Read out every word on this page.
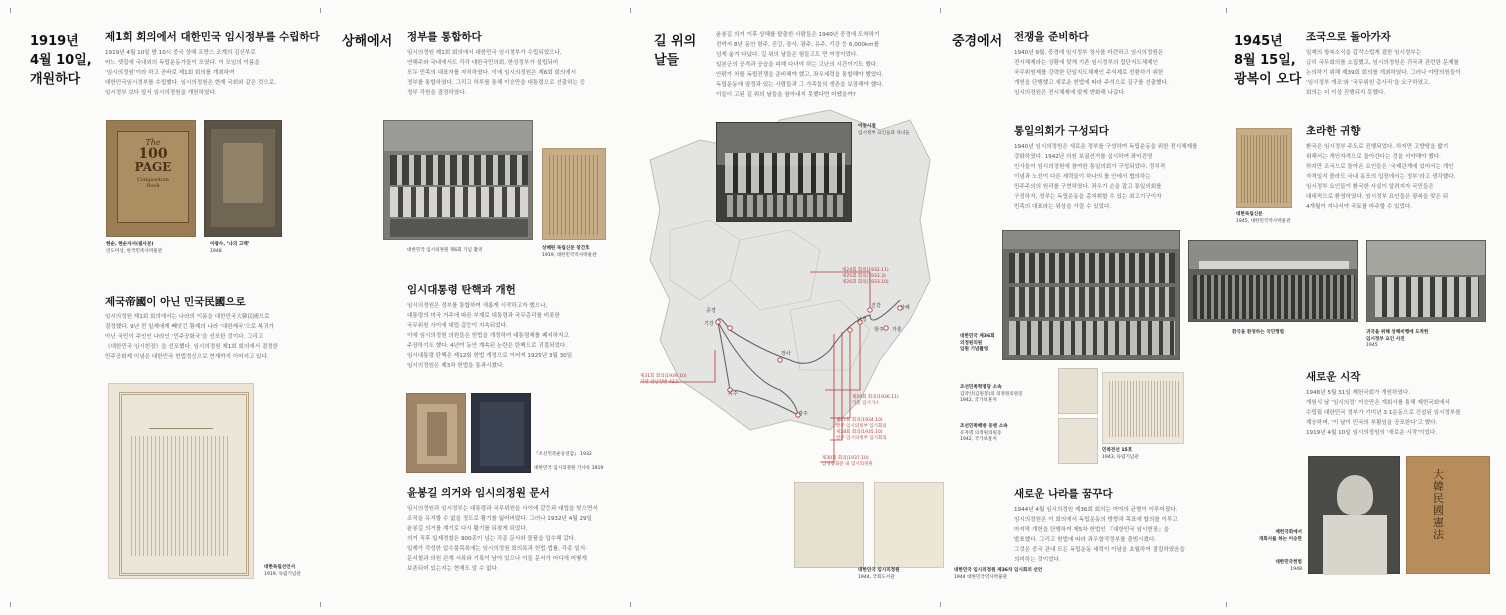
1919년
4월 10일,
개원하다
제1회 회의에서 대한민국 임시정부를 수립하다

1919년 4월 10일 밤 10시 중국 상해 프랑스 조계의 김신부로
어느 셋집에 국내외의 독립운동가들이 모였다. 이 모임의 이름을
‘임시의정원’이라 하고 곧바로 제1회 회의를 개최하여
대한민국임시정부를 수립했다. 임시의정원은 현재 국회와 같은 것으로,
임시정부 보다 앞서 임시의정원을 개원하였다.

The
100
PAGE
Composition
Book
현순, 현순자서(필사본)
연도미상, 한국민족사박물관
이광수, ‘나의 고백’
1948
제국帝國이 아닌 민국民國으로

임시의정원 제1회 회의에서는 나라의 이름을 대한민국大韓民國으로
결정했다. 9년 전 일제에게 빼앗긴 황제의 나라 ‘대한제국’으로 복귀가
아닌 국민이 주인인 나라인 ‘민주공화국’을 선포한 것이다. 그리고
《대한민국 임시헌장》을 선포했다. 임시의정원 제1회 회의에서 결정한
민주공화제 이념은 대한민국 헌법정신으로 현재까지 이어지고 있다.

대한독립선언서
1919, 독립기념관
상해에서 정부를 통합하다

임시의정원 제1회 회의에서 대한민국 임시정부가 수립되었으나,
연해주와 국내에서도 각각 대한국민의회, 한성정부가 설립되어
모두 민족의 대표자를 자처하였다. 이에 임시의정원은 제6회 회의에서
정부를 통합하였다. 그리고 하루를 통해 이승만을 대통령으로 선출하는 등
정부 각원을 결정하였다.

대한민국 임시의정원 제6회 기념 촬영	상해판 독립신문 창간호
1919, 대한민국역사박물관
임시대통령 탄핵과 개헌

임시의정원은 정부를 통합하여 새롭게 시작하고자 했으나,
대통령의 미국 거주에 따른 부재로 대통령과 국무총리를 비롯한
국무위원 사이에 대립·갈등이 지속되었다.
이에 임시의정원 의원들은 헌법을 개정하여 대통령제를 폐지하자고
주장하기도 했다. 4년여 동안 계속된 논란은 탄핵으로 귀결되었다.
임시대통령 탄핵은 제12회 헌법 개정으로 이어져 1925년 3월 30일
임시의정원은 제3차 헌법을 통과시켰다.

『조선민족운동연감』 1932
대한민국 임시의정원 기사록 1919
윤봉길 의거와 임시의정원 문서

임시의정원과 임시정부는 대통령과 국무위원들 사이에 갈등과 대립을 빚으면서
조직을 유지할 수 없을 정도로 활기를 잃어버렸다. 그러나 1932년 4월 29일
윤봉길 의거를 계기로 다시 활기를 되찾게 되었다.
의거 직후 일제경찰은 900종이 넘는 각종 문서와 물품을 압수해 갔다.
일제가 작성한 압수물목록에는 임시의정원 회의록과 헌법·법률, 각종 일지·
문서철과 의원 관계 서류와 기록이 남아 있으나 이들 문서가 어디에 어떻게
보존되어 있는지는 현재도 알 수 없다.

길 위의
날들

윤봉길 의거 이후 상해를 탈출한 사람들은 1940년 중경에 도착하기
전까지 8년 동안 항주, 진강, 장사, 광주, 유주, 기강 등 6,000km를
넘게 옮겨 다녔다. 길 위의 날들은 험들고도 먼 여정이었다.
일본군의 공격과 공습을 피해 다녀야 하는 고난의 시간이기도 했다.
안팎가 처를 독립전쟁을 준비해야 했고, 좌우세력을 통합해야 했었다.
독립운동에 열정과 있는 사람들과 그 가족들의 생존을 보장해야 했다.
이들이 고된 길 위의 날들을 참아내지 못했다면 어땠을까?

중경
기강
진강
남경
상해
항주 가흥
장사
유주
광주
제24회 회의(1932.11)
제25회 회의(1933.3)
제26회 회의(1933.10)
제31회 회의(1939.10)
기강 장남강변 43호
제29회 회의(1936.11)
가흥 임시거소
제27회 회의(1934.10)
항주 임시의정부 임시회의
제28회 회의(1935.10)
항주 임시의정부 임시회의
제30회 회의(1937.10)
남경중화문 내 임시의정원
이동시절
임시정부 요인들과 자녀들
중경에서 전쟁을 준비하다

1940년 9월, 중경에 임시정부 청사를 마련하고 임시의정원은
전시체제라는 상황에 맞게 기존 임시정부의 집단지도체제인
국무위원제를 강력한 단일지도체제인 주석제로 전환하기 위한
개헌을 단행했고 새로운 헌법에 따라 주석으로 김구를 선출했다.
임시의정원은 전시체제에 맞게 변화해 나갔다.

통일의회가 구성되다

1940년 임시의정원은 새로운 정부를 구성하여 독립운동을 위한 전시체제를
강화하였다. 1942년 의원 보궐선거를 실시하여 좌익진영
인사들이 임시의정원에 참여한 통일의회가 구성되었다. 정치적
이념과 노선이 다른 세력들이 하나의 틀 안에서 협의하는
민주주의의 원리를 구현하였다. 좌우가 손을 잡고 통일의회를
구성하자, 정부는 독립운동을 총지휘할 수 있는 최고기구이자
민족의 대표라는 위상을 가질 수 있었다.

대한민국 제36회
의정원의원
임원 기념촬영
조선민족혁명당 소속
김약산(김원봉)의 의정원의원증
1942, 국가보훈처
조선민족해방 동맹 소속
유자명 의정원의원증
1942, 국가보훈처
민족전선 15호
1943, 독립기념관
대한민국 임시의정원
1944, 국회도서관
대한민국 임시의정원 제36차 임시회의 선언
1944 대한민국역사박물관
새로운 나라를 꿈꾸다

1944년 4월 임시의정원 제36회 회의는 여야의 균형이 이루어졌다.
임시의정원은 이 회의에서 독립운동의 방향과 목표에 합의를 이루고
마지막 개헌을 단행하여 제5차 헌법인 『대한민국 임시헌장』을
발표했다. 그리고 헌법에 따라 좌우합작정부를 출범시켰다.
그것은 중국 관내 모든 독립운동 세력이 이념을 초월하여 결집하였음을
의미하는 것이었다.

1945년
8월 15일,
광복이 오다
조국으로 돌아가자

일제의 항복소식을 갑작스럽게 접한 임시정부는
급히 국무회의를 소집했고, 임시의정원은 귀국과 관련한 문제를
논의하기 위해 제39회 회의를 개최하였다. 그러나 야당의원들이
‘임시정부 개조’와 ‘국무위원 총사직’을 요구하였고,
회의는 더 이상 진행되지 못했다.

대한독립신문
1945, 대한민국역사박물관
초라한 귀향

환국은 임시정부 주도로 진행되었다. 하지만 고향땅을 밟기
위해서는 개인자격으로 돌아간다는 것을 서약해야 했다.
하지만 조국으로 돌아온 요인들은 ‘국제관계에 있어서는 개인
자격일지 몰라도 국내 동포의 입장에서는 정부’라고 생각했다.
임시정부 요인들이 환국한 사실이 알려지자 국민들은
대대적으로 환영하였다. 임시정부 요인들은 광복을 맞은 뒤
4개월이 지나서야 국토를 마주할 수 있었다.

환국을 환영하는 국민행렬	귀국을 위해 상해비행에 도착한
임시정부 요인 사진
1945
새로운 시작

1948년 5월 31일 제헌국회가 개원하였다.
개원식 날 ‘임시의정’ 이승만은 개회사를 통해 제헌국회에서
수립될 대한민국 정부가 기미년 3.1운동으로 건설된 임시정부를
계승하며, ‘이 날이 민국의 부활임을 공포한다’고 했다.
1919년 4월 10일 임시의정원의 ‘새로운 시작’이었다.

大韓民國憲法
제헌국회에서
개회사를 하는 이승만
대한민국헌법
1948
